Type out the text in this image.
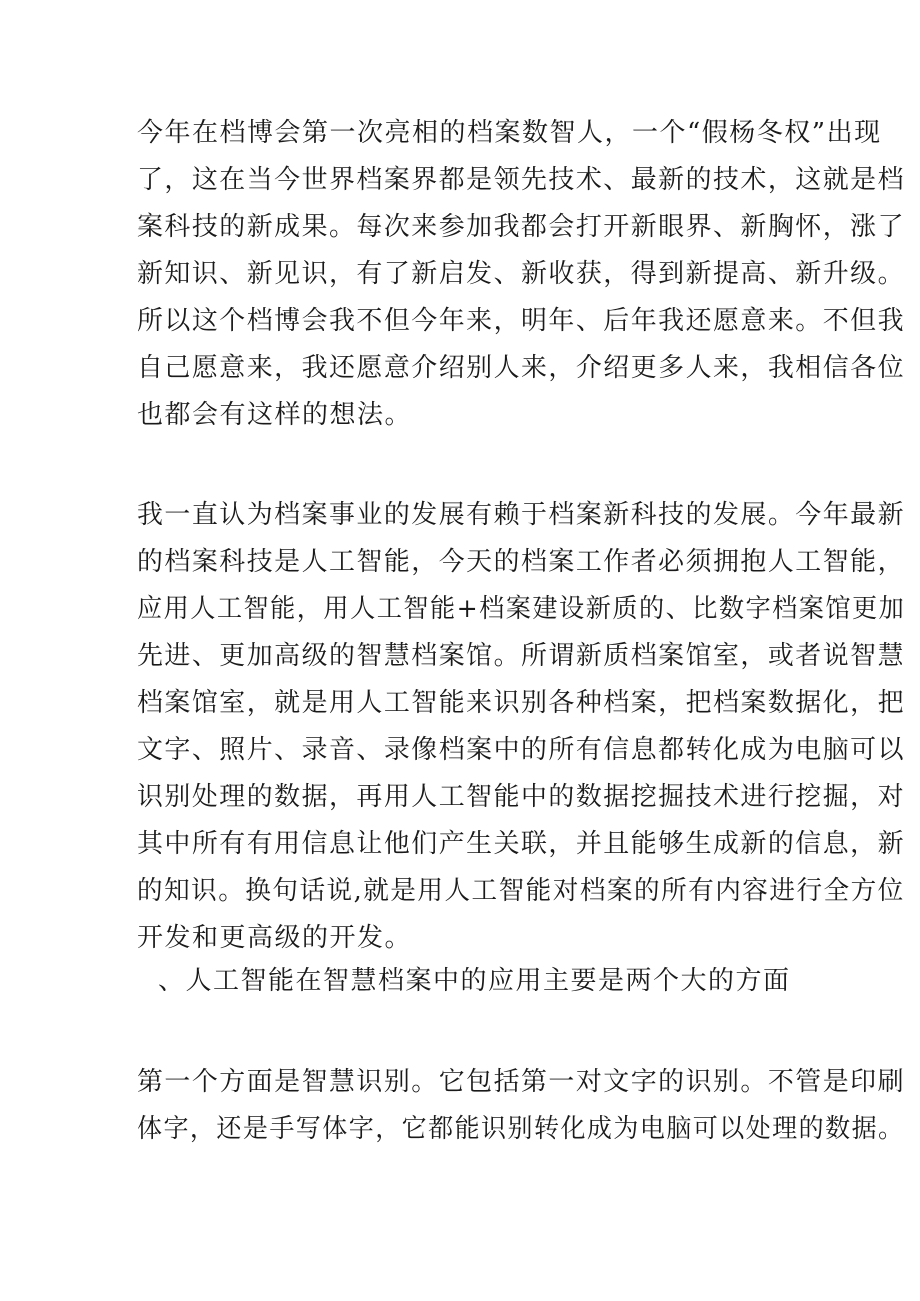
今年在档博会第一次亮相的档案数智人，一个“假杨冬权”出现
了，这在当今世界档案界都是领先技术、最新的技术，这就是档
案科技的新成果。每次来参加我都会打开新眼界、新胸怀，涨了
新知识、新见识，有了新启发、新收获，得到新提高、新升级。
所以这个档博会我不但今年来，明年、后年我还愿意来。不但我
自己愿意来，我还愿意介绍别人来，介绍更多人来，我相信各位
也都会有这样的想法。
我一直认为档案事业的发展有赖于档案新科技的发展。今年最新
的档案科技是人工智能，今天的档案工作者必须拥抱人工智能，
应用人工智能，用人工智能+档案建设新质的、比数字档案馆更加
先进、更加高级的智慧档案馆。所谓新质档案馆室，或者说智慧
档案馆室，就是用人工智能来识别各种档案，把档案数据化，把
文字、照片、录音、录像档案中的所有信息都转化成为电脑可以
识别处理的数据，再用人工智能中的数据挖掘技术进行挖掘，对
其中所有有用信息让他们产生关联，并且能够生成新的信息，新
的知识。换句话说,就是用人工智能对档案的所有内容进行全方位
开发和更高级的开发。
、人工智能在智慧档案中的应用主要是两个大的方面
第一个方面是智慧识别。它包括第一对文字的识别。不管是印刷
体字，还是手写体字，它都能识别转化成为电脑可以处理的数据。
